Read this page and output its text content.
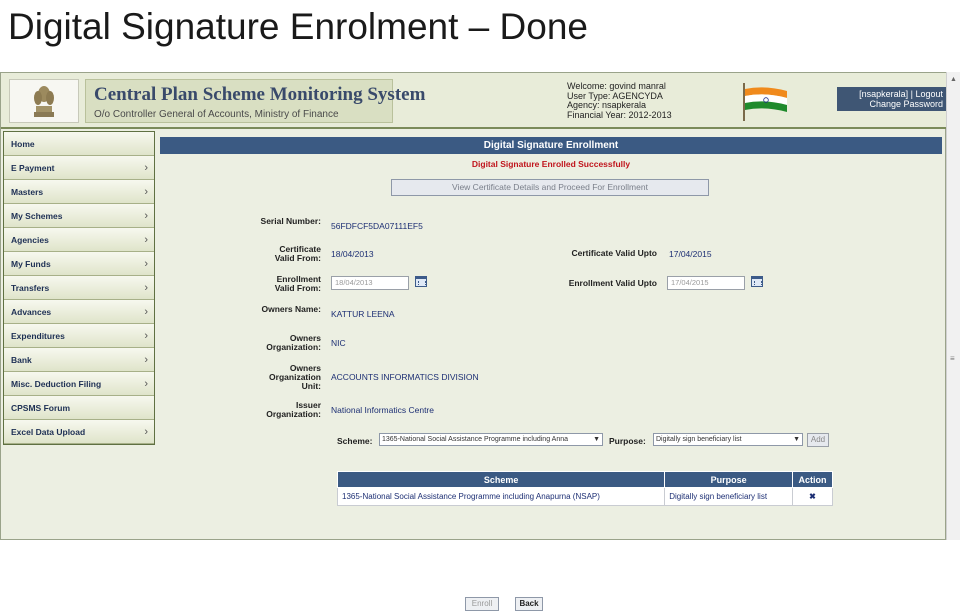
Digital Signature Enrolment – Done
Central Plan Scheme Monitoring System
O/o Controller General of Accounts, Ministry of Finance
Welcome: govind manral
User Type: AGENCYDA
Agency: nsapkerala
Financial Year: 2012-2013
[nsapkerala] | Logout
Change Password
Home
E Payment	›
Masters	›
My Schemes	›
Agencies	›
My Funds	›
Transfers	›
Advances	›
Expenditures	›
Bank	›
Misc. Deduction Filing	›
CPSMS Forum
Excel Data Upload	›
Digital Signature Enrollment
Digital Signature Enrolled Successfully
View Certificate Details and Proceed For Enrollment
Serial Number: 56FDFCF5DA07111EF5
Certificate Valid From: 18/04/2013	Certificate Valid Upto 17/04/2015
Enrollment Valid From:
18/04/2013	Enrollment Valid Upto	17/04/2015
Owners Name: KATTUR LEENA
Owners Organization: NIC
Owners Organization Unit:
ACCOUNTS INFORMATICS DIVISION
Issuer Organization: National Informatics Centre
Scheme:	1365-National Social Assistance Programme including Anna	▼ Purpose:	Digitally sign beneficiary list	▼	Add
Scheme	Purpose	Action
1365-National Social Assistance Programme including Anapurna (NSAP)	Digitally sign beneficiary list	✖
Enroll	Back
▲
≡
